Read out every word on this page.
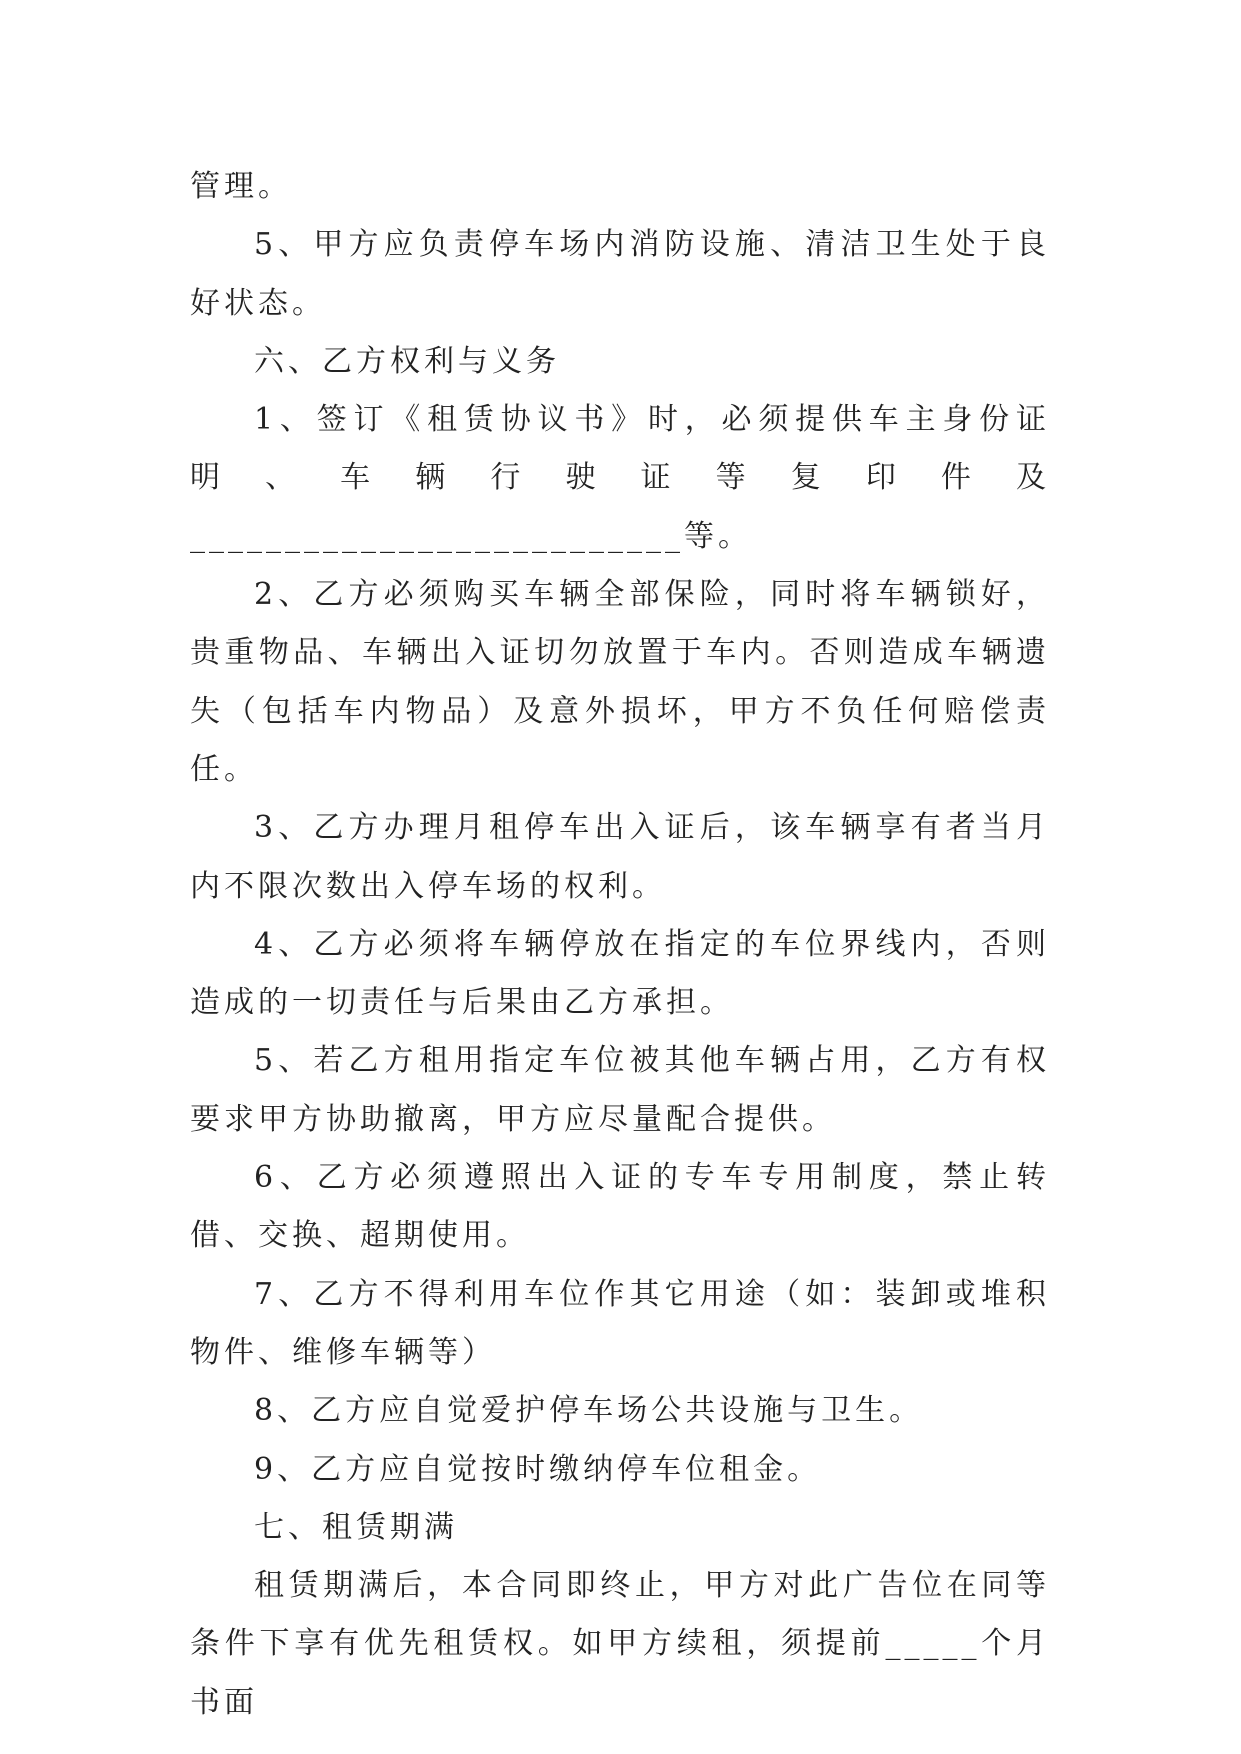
管理。

5、甲方应负责停车场内消防设施、清洁卫生处于良好状态。

六、乙方权利与义务

1、签订《租赁协议书》时，必须提供车主身份证明、车辆行驶证等复印件及__________________________等。

2、乙方必须购买车辆全部保险，同时将车辆锁好，贵重物品、车辆出入证切勿放置于车内。否则造成车辆遗失（包括车内物品）及意外损坏，甲方不负任何赔偿责任。

3、乙方办理月租停车出入证后，该车辆享有者当月内不限次数出入停车场的权利。

4、乙方必须将车辆停放在指定的车位界线内，否则造成的一切责任与后果由乙方承担。

5、若乙方租用指定车位被其他车辆占用，乙方有权要求甲方协助撤离，甲方应尽量配合提供。

6、乙方必须遵照出入证的专车专用制度，禁止转借、交换、超期使用。

7、乙方不得利用车位作其它用途（如：装卸或堆积物件、维修车辆等）

8、乙方应自觉爱护停车场公共设施与卫生。

9、乙方应自觉按时缴纳停车位租金。

七、租赁期满

租赁期满后，本合同即终止，甲方对此广告位在同等条件下享有优先租赁权。如甲方续租，须提前_____个月书面
